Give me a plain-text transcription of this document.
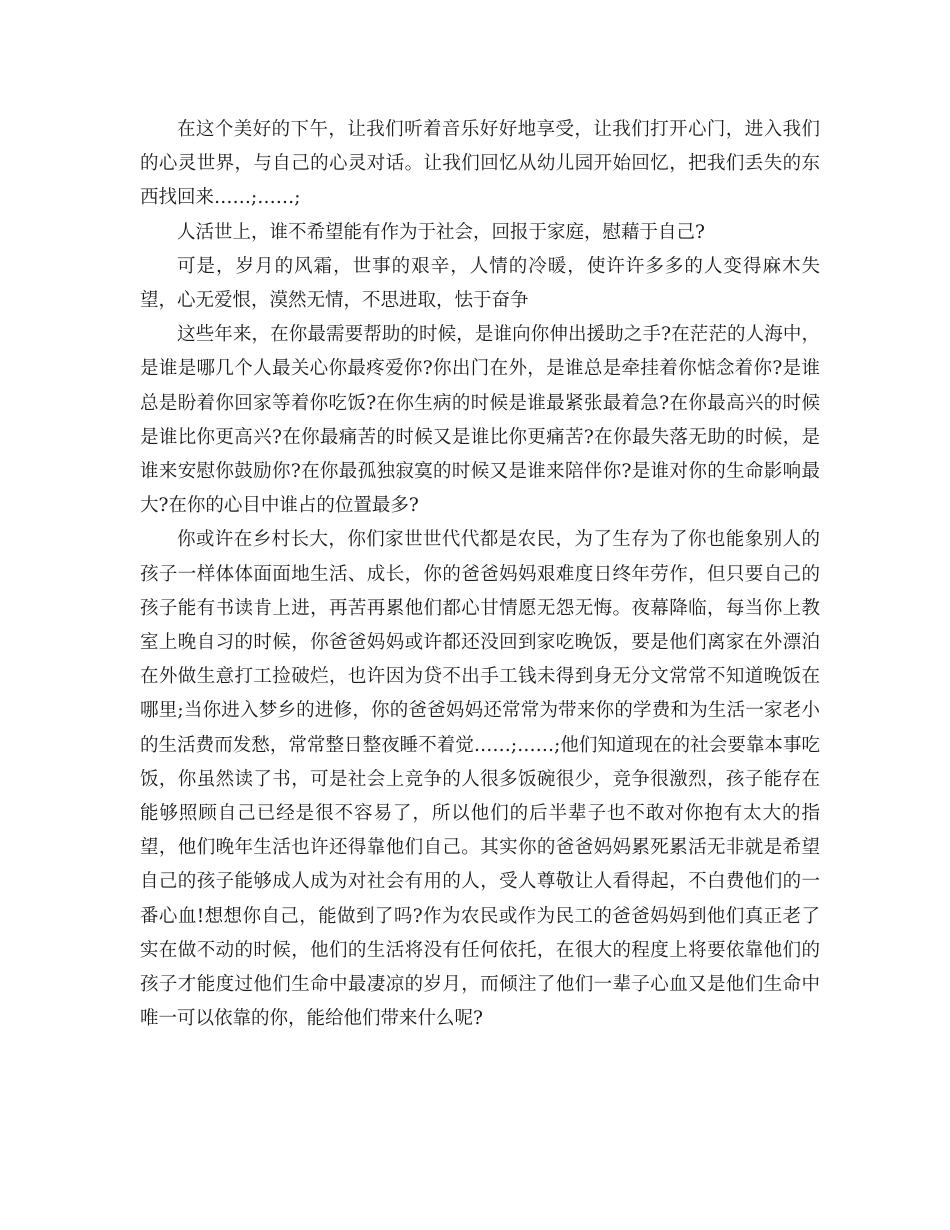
在这个美好的下午，让我们听着音乐好好地享受，让我们打开心门，进入我们的心灵世界，与自己的心灵对话。让我们回忆从幼儿园开始回忆，把我们丢失的东西找回来……;……;

人活世上，谁不希望能有作为于社会，回报于家庭，慰藉于自己?

可是，岁月的风霜，世事的艰辛，人情的冷暖，使许许多多的人变得麻木失望，心无爱恨，漠然无情，不思进取，怯于奋争

这些年来，在你最需要帮助的时候，是谁向你伸出援助之手?在茫茫的人海中，是谁是哪几个人最关心你最疼爱你?你出门在外，是谁总是牵挂着你惦念着你?是谁总是盼着你回家等着你吃饭?在你生病的时候是谁最紧张最着急?在你最高兴的时候是谁比你更高兴?在你最痛苦的时候又是谁比你更痛苦?在你最失落无助的时候，是谁来安慰你鼓励你?在你最孤独寂寞的时候又是谁来陪伴你?是谁对你的生命影响最大?在你的心目中谁占的位置最多?

你或许在乡村长大，你们家世世代代都是农民，为了生存为了你也能象别人的孩子一样体体面面地生活、成长，你的爸爸妈妈艰难度日终年劳作，但只要自己的孩子能有书读肯上进，再苦再累他们都心甘情愿无怨无悔。夜幕降临，每当你上教室上晚自习的时候，你爸爸妈妈或许都还没回到家吃晚饭，要是他们离家在外漂泊在外做生意打工捡破烂，也许因为贷不出手工钱未得到身无分文常常不知道晚饭在哪里;当你进入梦乡的进修，你的爸爸妈妈还常常为带来你的学费和为生活一家老小的生活费而发愁，常常整日整夜睡不着觉……;……;他们知道现在的社会要靠本事吃饭，你虽然读了书，可是社会上竞争的人很多饭碗很少，竞争很激烈，孩子能存在能够照顾自己已经是很不容易了，所以他们的后半辈子也不敢对你抱有太大的指望，他们晚年生活也许还得靠他们自己。其实你的爸爸妈妈累死累活无非就是希望自己的孩子能够成人成为对社会有用的人，受人尊敬让人看得起，不白费他们的一番心血!想想你自己，能做到了吗?作为农民或作为民工的爸爸妈妈到他们真正老了实在做不动的时候，他们的生活将没有任何依托，在很大的程度上将要依靠他们的孩子才能度过他们生命中最凄凉的岁月，而倾注了他们一辈子心血又是他们生命中唯一可以依靠的你，能给他们带来什么呢?
